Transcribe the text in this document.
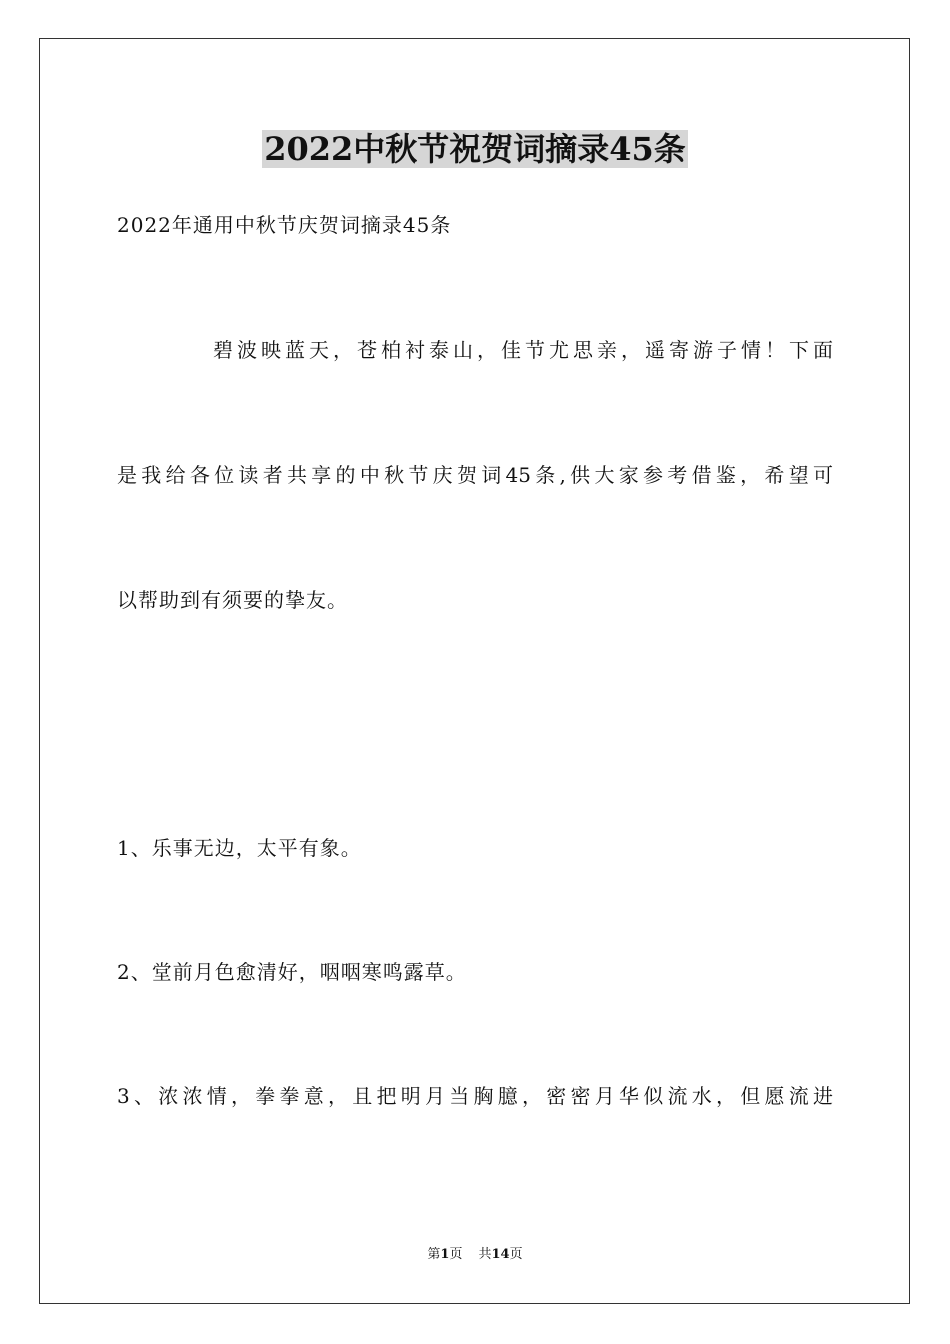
2022中秋节祝贺词摘录45条

2022年通用中秋节庆贺词摘录45条

碧波映蓝天，苍柏衬泰山，佳节尤思亲，遥寄游子情！下面

是我给各位读者共享的中秋节庆贺词45条,供大家参考借鉴，希望可

以帮助到有须要的挚友。

1、乐事无边，太平有象。

2、堂前月色愈清好，咽咽寒鸣露草。

3、浓浓情，拳拳意，且把明月当胸臆，密密月华似流水，但愿流进

第1页 共14页
